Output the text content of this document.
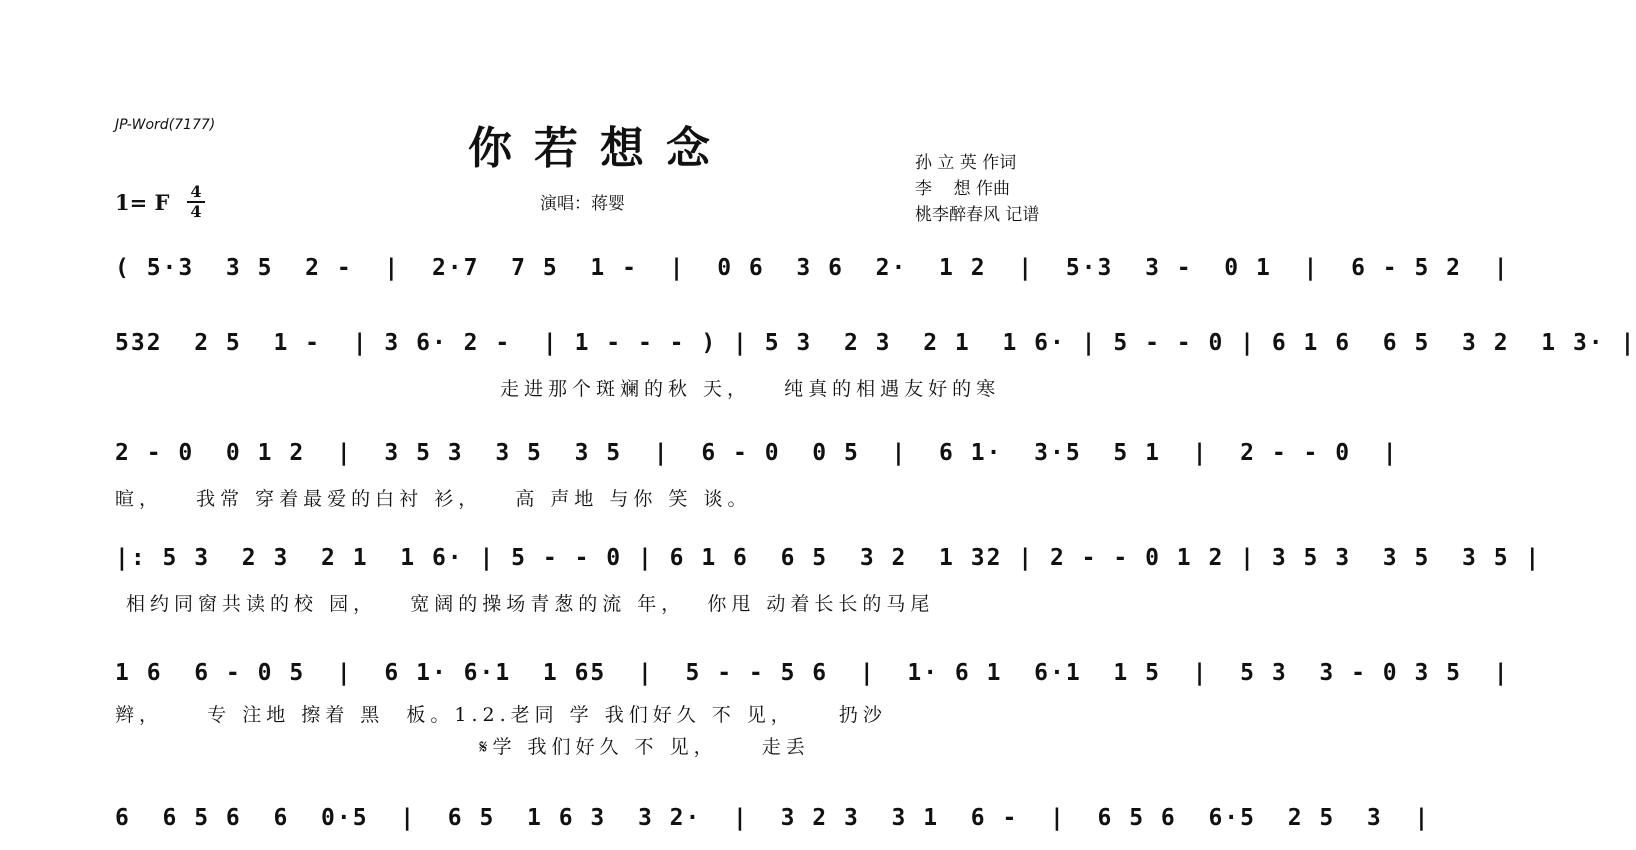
JP-Word(7177)	你若想念
演唱：蒋婴
孙 立 英 作词
李    想 作曲
桃李醉春风 记谱
1= F 4
4
( 5·3  3 5  2 -  |  2·7  7 5  1 -  |  0 6  3 6  2·  1 2  |  5·3  3 -  0 1  |  6 - 5 2  |
532  2 5  1 -  | 3 6· 2 -  | 1 - - - ) | 5 3  2 3  2 1  1 6· | 5 - - 0 | 6 1 6  6 5  3 2  1 3· |
走进那个斑斓的秋 天，   纯真的相遇友好的寒
2 - 0  0 1 2  |  3 5 3  3 5  3 5  |  6 - 0  0 5  |  6 1·  3·5  5 1  |  2 - - 0  |
暄，   我常 穿着最爱的白衬 衫，   高 声地 与你 笑 谈。
|: 5 3  2 3  2 1  1 6· | 5 - - 0 | 6 1 6  6 5  3 2  1 32 | 2 - - 0 1 2 | 3 5 3  3 5  3 5 |
相约同窗共读的校 园，   宽阔的操场青葱的流 年，  你甩 动着长长的马尾
1 6  6 - 0 5  |  6 1· 6·1  1 65  |  5 - - 5 6  |  1· 6 1  6·1  1 5  |  5 3  3 - 0 3 5  |
辫，    专 注地 擦着 黑  板。1.2.老同 学 我们好久 不 见，    扔沙
𝄋学 我们好久 不 见，    走丢
6  6 5 6  6  0·5  |  6 5  1 6 3  3 2·  |  3 2 3  3 1  6 -  |  6 5 6  6·5  2 5  3  |
